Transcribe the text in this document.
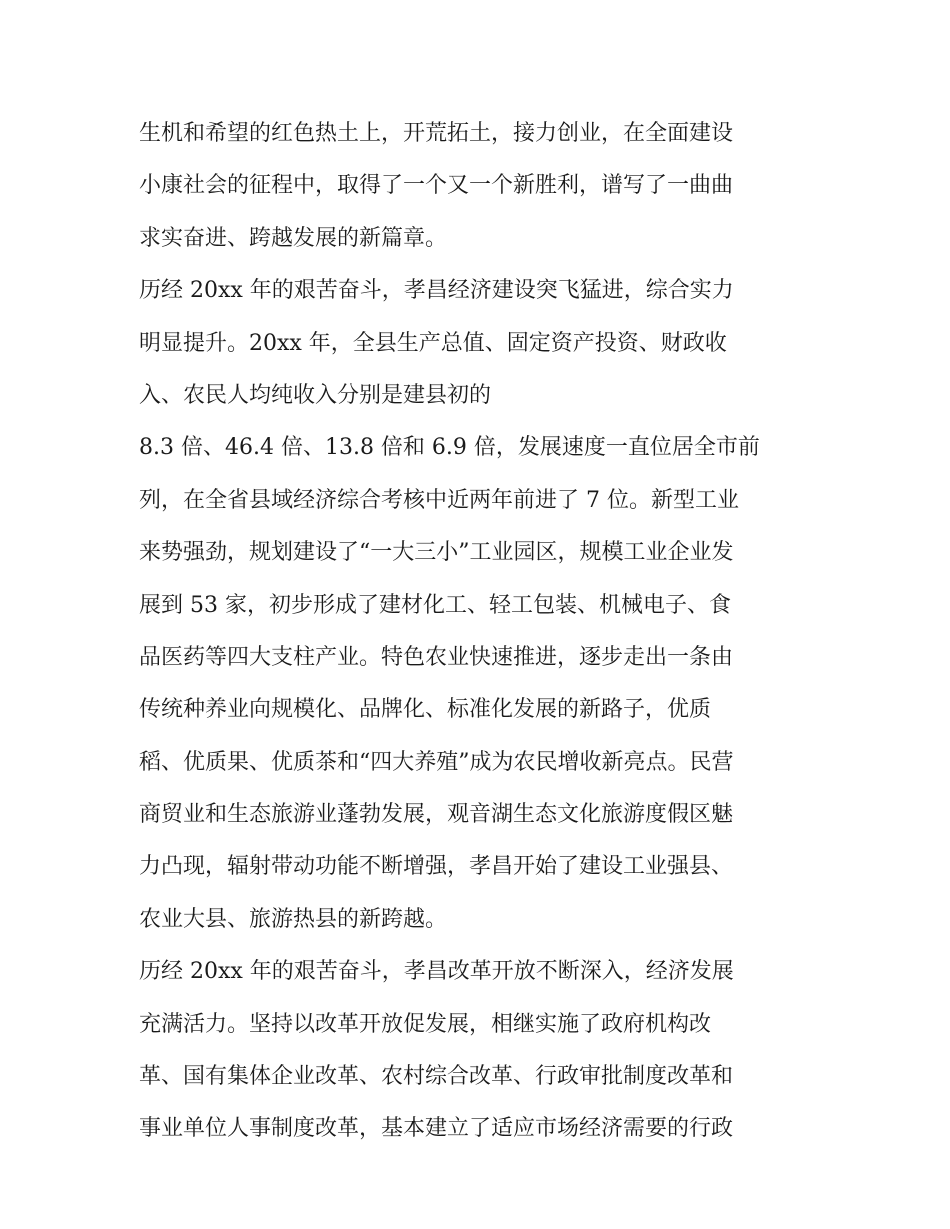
生机和希望的红色热土上，开荒拓土，接力创业，在全面建设
小康社会的征程中，取得了一个又一个新胜利，谱写了一曲曲
求实奋进、跨越发展的新篇章。
历经 20xx 年的艰苦奋斗，孝昌经济建设突飞猛进，综合实力
明显提升。20xx 年，全县生产总值、固定资产投资、财政收
入、农民人均纯收入分别是建县初的
8.3 倍、46.4 倍、13.8 倍和 6.9 倍，发展速度一直位居全市前
列，在全省县域经济综合考核中近两年前进了 7 位。新型工业
来势强劲，规划建设了“一大三小”工业园区，规模工业企业发
展到 53 家，初步形成了建材化工、轻工包装、机械电子、食
品医药等四大支柱产业。特色农业快速推进，逐步走出一条由
传统种养业向规模化、品牌化、标准化发展的新路子，优质
稻、优质果、优质茶和“四大养殖”成为农民增收新亮点。民营
商贸业和生态旅游业蓬勃发展，观音湖生态文化旅游度假区魅
力凸现，辐射带动功能不断增强，孝昌开始了建设工业强县、
农业大县、旅游热县的新跨越。
历经 20xx 年的艰苦奋斗，孝昌改革开放不断深入，经济发展
充满活力。坚持以改革开放促发展，相继实施了政府机构改
革、国有集体企业改革、农村综合改革、行政审批制度改革和
事业单位人事制度改革，基本建立了适应市场经济需要的行政
